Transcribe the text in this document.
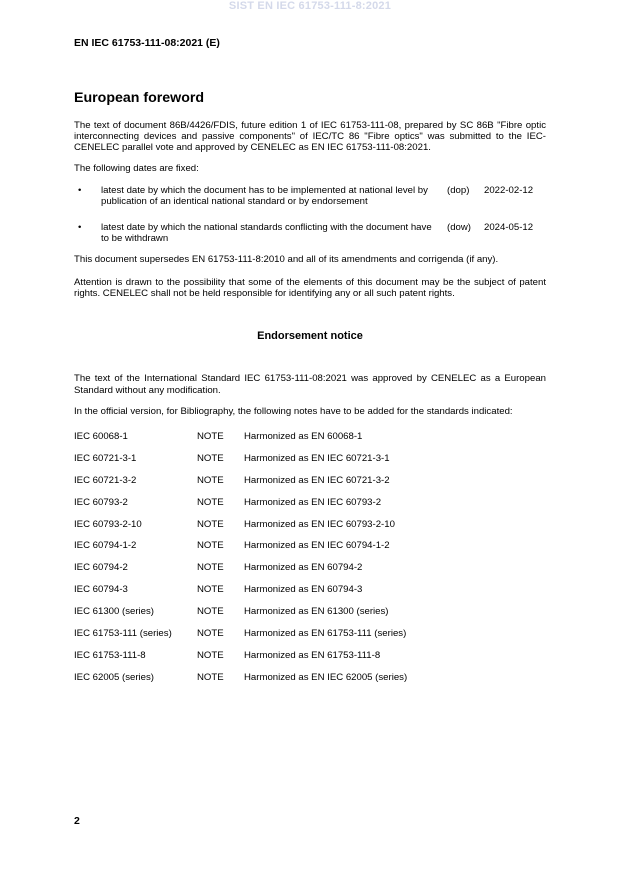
SIST EN IEC 61753-111-8:2021
EN IEC 61753-111-08:2021 (E)
European foreword

The text of document 86B/4426/FDIS, future edition 1 of IEC 61753-111-08, prepared by SC 86B "Fibre optic interconnecting devices and passive components" of IEC/TC 86 "Fibre optics" was submitted to the IEC-CENELEC parallel vote and approved by CENELEC as EN IEC 61753-111-08:2021.

The following dates are fixed:

• latest date by which the document has to be implemented at national level by publication of an identical national standard or by endorsement
(dop) 2022-02-12
• latest date by which the national standards conflicting with the document have to be withdrawn
(dow) 2024-05-12

This document supersedes EN 61753-111-8:2010 and all of its amendments and corrigenda (if any).

Attention is drawn to the possibility that some of the elements of this document may be the subject of patent rights. CENELEC shall not be held responsible for identifying any or all such patent rights.

Endorsement notice

The text of the International Standard IEC 61753-111-08:2021 was approved by CENELEC as a European Standard without any modification.

In the official version, for Bibliography, the following notes have to be added for the standards indicated:

IEC 60068-1	NOTE Harmonized as EN 60068-1
IEC 60721-3-1	NOTE Harmonized as EN IEC 60721-3-1
IEC 60721-3-2	NOTE Harmonized as EN IEC 60721-3-2
IEC 60793-2	NOTE Harmonized as EN IEC 60793-2
IEC 60793-2-10	NOTE Harmonized as EN IEC 60793-2-10
IEC 60794-1-2	NOTE Harmonized as EN IEC 60794-1-2
IEC 60794-2	NOTE Harmonized as EN 60794-2
IEC 60794-3	NOTE Harmonized as EN 60794-3
IEC 61300 (series)	NOTE Harmonized as EN 61300 (series)
IEC 61753-111 (series)	NOTE Harmonized as EN 61753-111 (series)
IEC 61753-111-8	NOTE Harmonized as EN 61753-111-8
IEC 62005 (series)	NOTE Harmonized as EN IEC 62005 (series)
2
